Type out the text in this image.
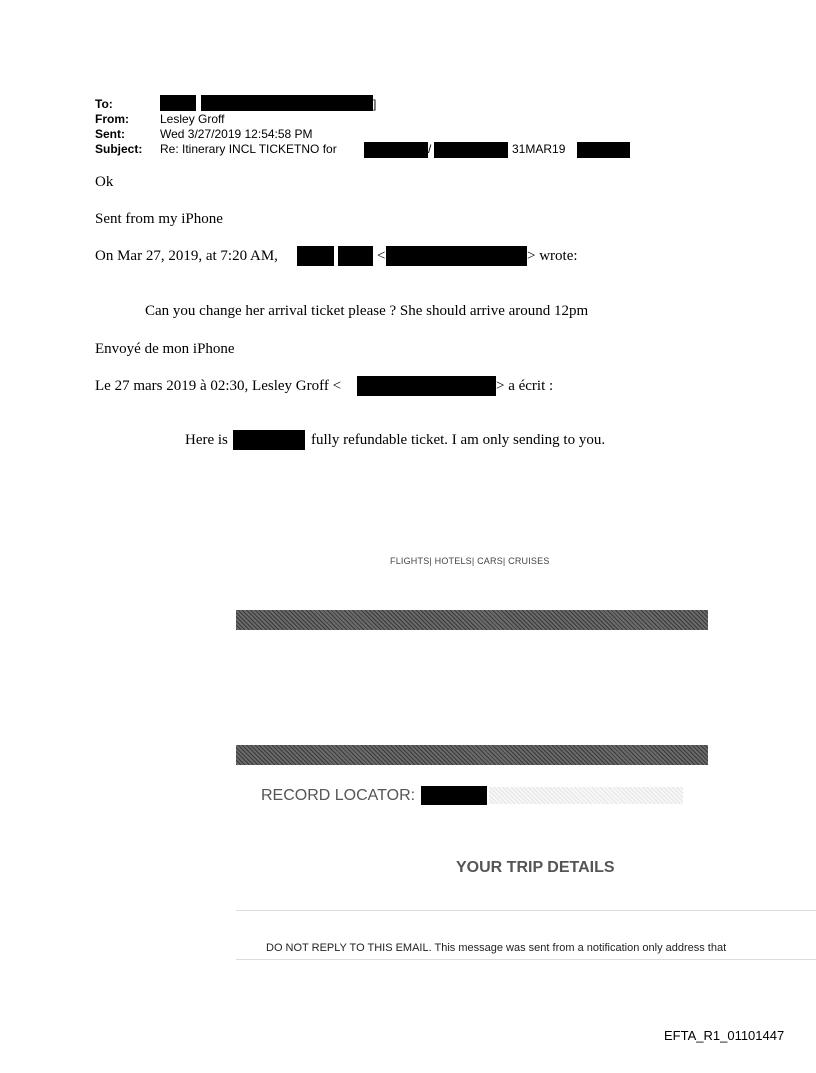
To:	]
From:	Lesley Groff
Sent:	Wed 3/27/2019 12:54:58 PM
Subject: Re: Itinerary INCL TICKETNO for	/	31MAR19
Ok
Sent from my iPhone
On Mar 27, 2019, at 7:20 AM,	<	> wrote:
Can you change her arrival ticket please ? She should arrive around 12pm
Envoyé de mon iPhone
Le 27 mars 2019 à 02:30, Lesley Groff <	> a écrit :
Here is	fully refundable ticket. I am only sending to you.
FLIGHTS| HOTELS| CARS| CRUISES
RECORD LOCATOR:
YOUR TRIP DETAILS
DO NOT REPLY TO THIS EMAIL. This message was sent from a notification only address that
EFTA_R1_01101447
